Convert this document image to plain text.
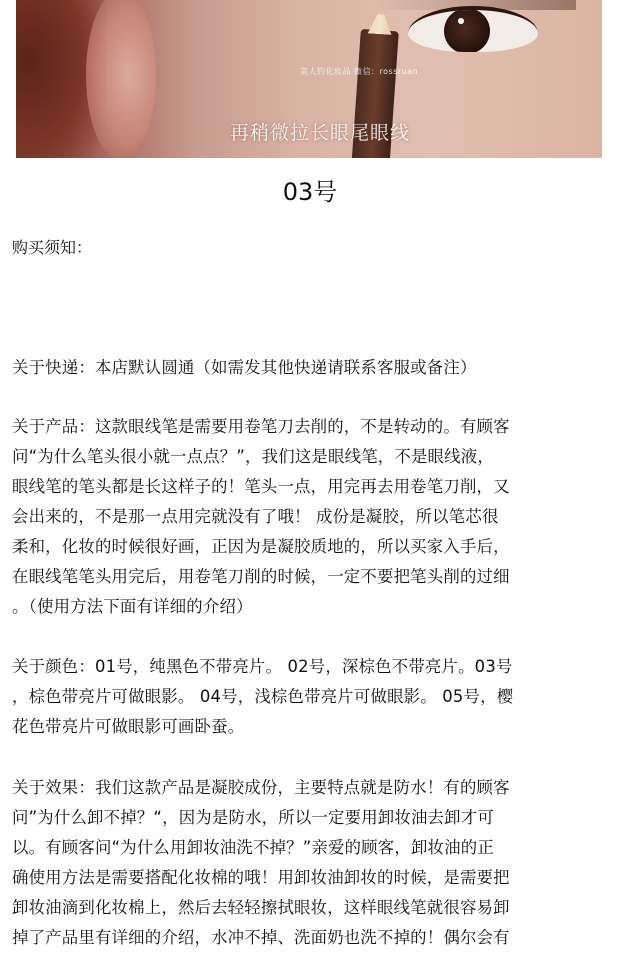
美人钓化妆品 微信：rossruan
再稍微拉长眼尾眼线
03号
购买须知：

关于快递：本店默认圆通（如需发其他快递请联系客服或备注）

关于产品：这款眼线笔是需要用卷笔刀去削的，不是转动的。有顾客
问“为什么笔头很小就一点点？”，我们这是眼线笔，不是眼线液，
眼线笔的笔头都是长这样子的！笔头一点，用完再去用卷笔刀削，又
会出来的，不是那一点用完就没有了哦！ 成份是凝胶，所以笔芯很
柔和，化妆的时候很好画，正因为是凝胶质地的，所以买家入手后，
在眼线笔笔头用完后，用卷笔刀削的时候，一定不要把笔头削的过细
。（使用方法下面有详细的介绍）

关于颜色：01号，纯黑色不带亮片。 02号，深棕色不带亮片。03号
，棕色带亮片可做眼影。 04号，浅棕色带亮片可做眼影。 05号，樱
花色带亮片可做眼影可画卧蚕。

关于效果：我们这款产品是凝胶成份，主要特点就是防水！有的顾客
问”为什么卸不掉？“，因为是防水，所以一定要用卸妆油去卸才可
以。有顾客问“为什么用卸妆油洗不掉？”亲爱的顾客，卸妆油的正
确使用方法是需要搭配化妆棉的哦！用卸妆油卸妆的时候，是需要把
卸妆油滴到化妆棉上，然后去轻轻擦拭眼妆，这样眼线笔就很容易卸
掉了产品里有详细的介绍，水冲不掉、洗面奶也洗不掉的！偶尔会有
